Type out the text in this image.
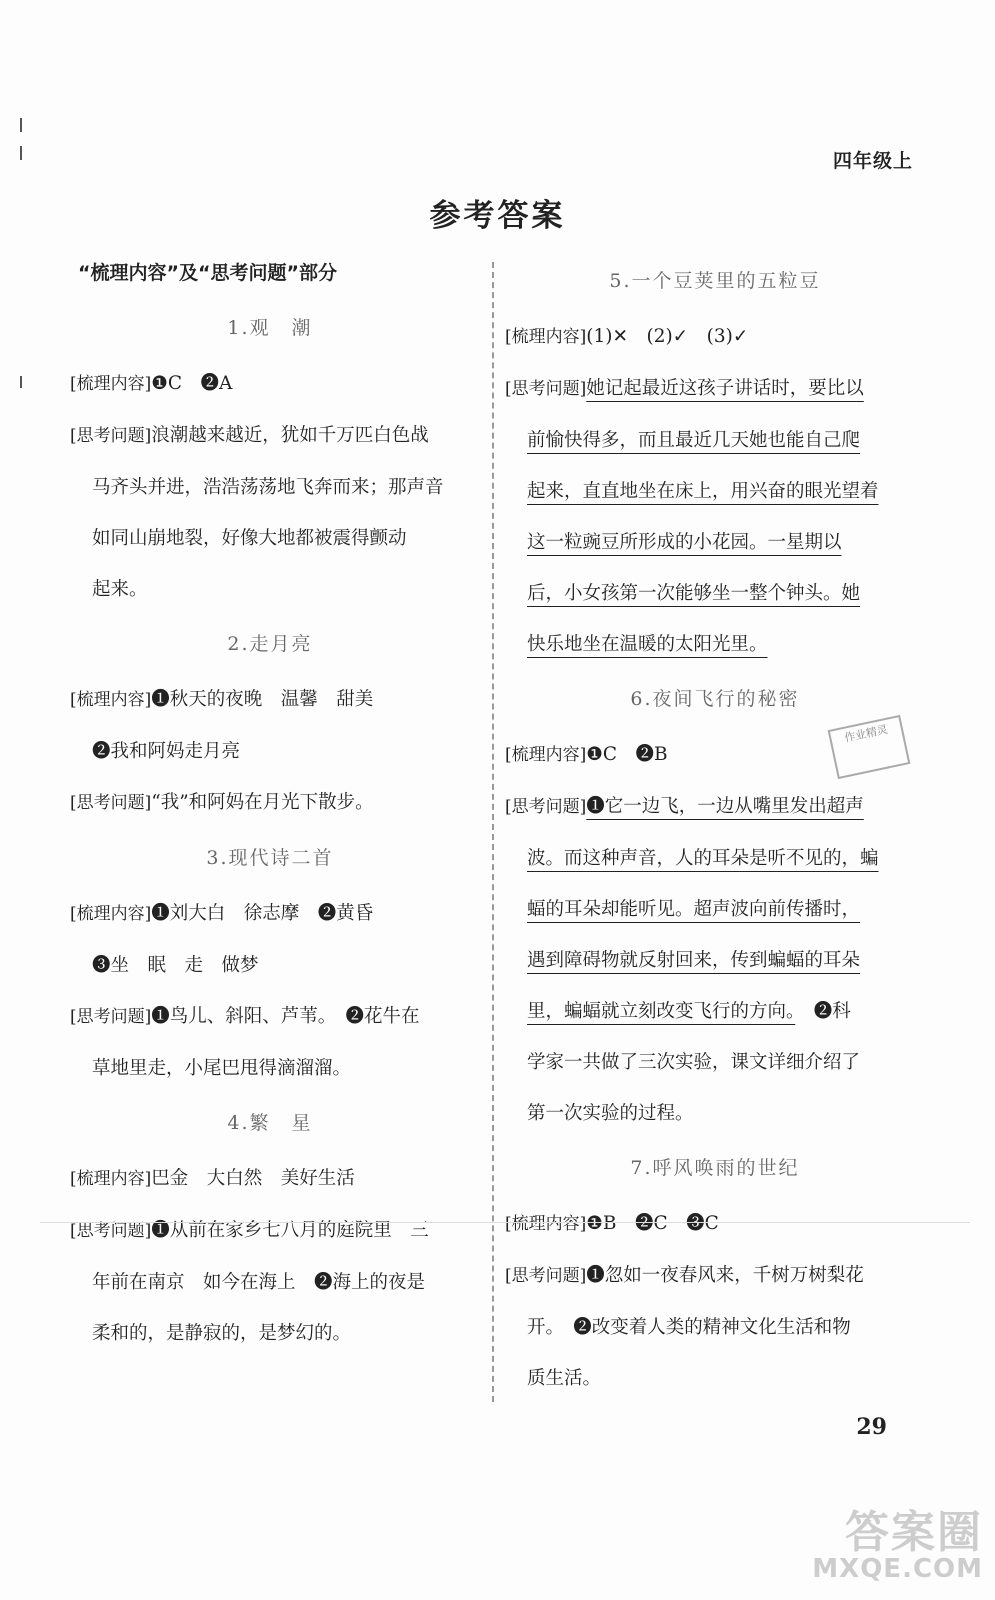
四年级上
参考答案
“梳理内容”及“思考问题”部分
1.观　潮
[梳理内容]❶C　❷A
[思考问题]浪潮越来越近，犹如千万匹白色战
马齐头并进，浩浩荡荡地飞奔而来；那声音
如同山崩地裂，好像大地都被震得颤动
起来。
2.走月亮
[梳理内容]❶秋天的夜晚　温馨　甜美
❷我和阿妈走月亮
[思考问题]“我”和阿妈在月光下散步。
3.现代诗二首
[梳理内容]❶刘大白　徐志摩　❷黄昏
❸坐　眠　走　做梦
[思考问题]❶鸟儿、斜阳、芦苇。　❷花牛在
草地里走，小尾巴甩得滴溜溜。
4.繁　星
[梳理内容]巴金　大白然　美好生活
[思考问题]❶从前在家乡七八月的庭院里　三
年前在南京　如今在海上　❷海上的夜是
柔和的，是静寂的，是梦幻的。
5.一个豆荚里的五粒豆
[梳理内容](1)✕　(2)✓　(3)✓
[思考问题]她记起最近这孩子讲话时，要比以
前愉快得多，而且最近几天她也能自己爬
起来，直直地坐在床上，用兴奋的眼光望着
这一粒豌豆所形成的小花园。一星期以
后，小女孩第一次能够坐一整个钟头。她
快乐地坐在温暖的太阳光里。
6.夜间飞行的秘密
[梳理内容]❶C　❷B
[思考问题]❶它一边飞，一边从嘴里发出超声
波。而这种声音，人的耳朵是听不见的，蝙
蝠的耳朵却能听见。超声波向前传播时，
遇到障碍物就反射回来，传到蝙蝠的耳朵
里，蝙蝠就立刻改变飞行的方向。　❷科
学家一共做了三次实验，课文详细介绍了
第一次实验的过程。
7.呼风唤雨的世纪
[梳理内容]❶B　❷C　❸C
[思考问题]❶忽如一夜春风来，千树万树梨花
开。　❷改变着人类的精神文化生活和物
质生活。
作业精灵
29
答案圈
MXQE.COM
